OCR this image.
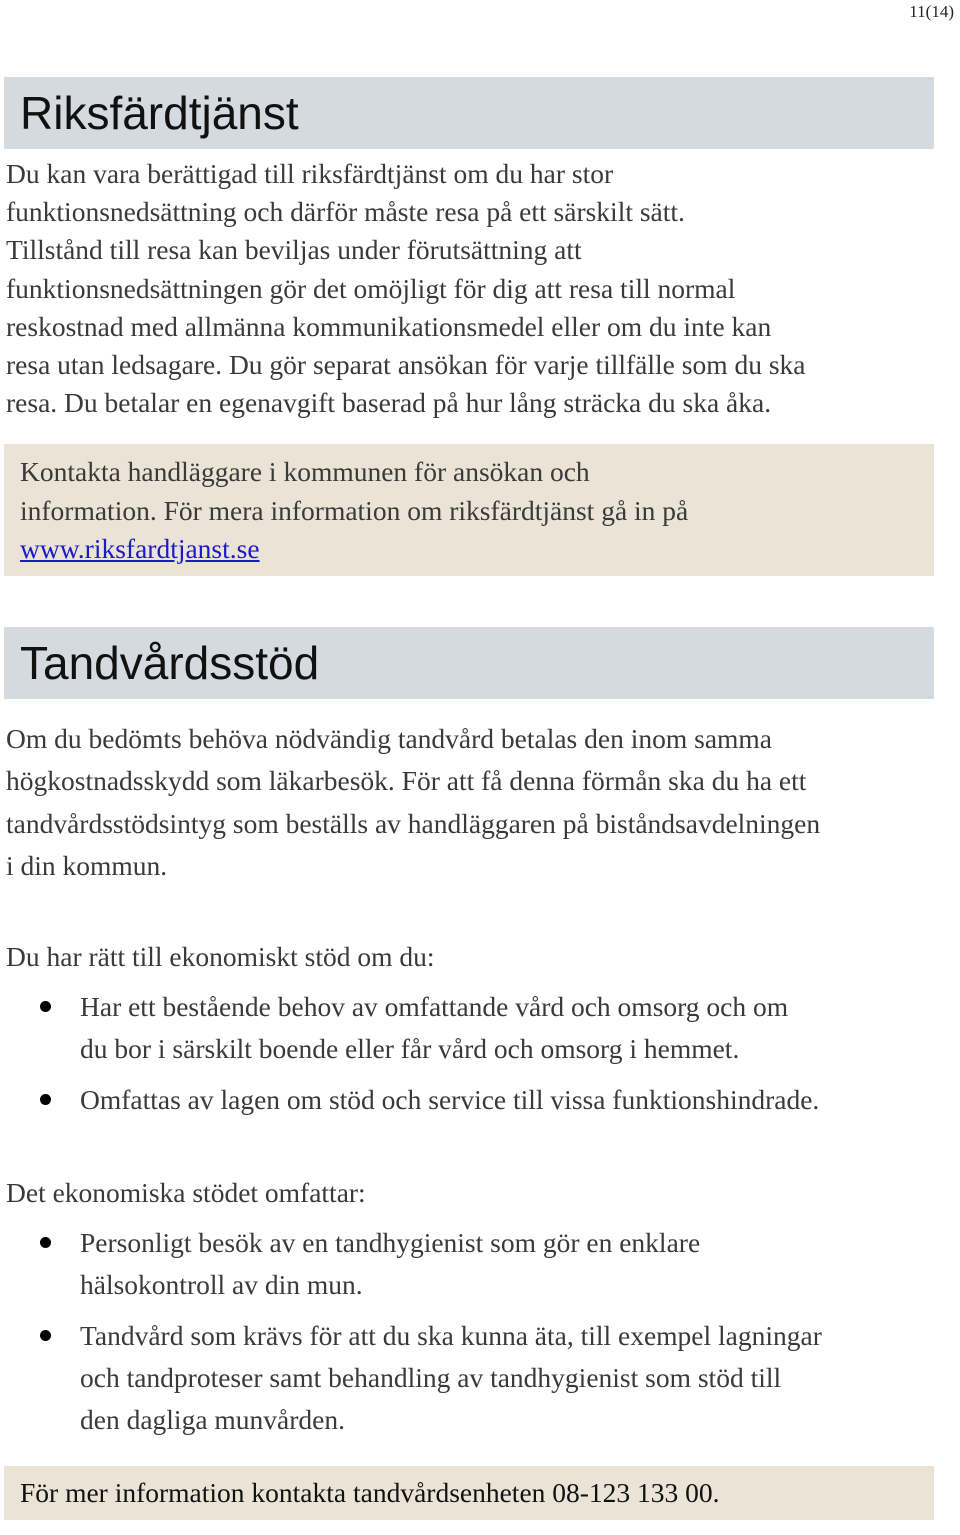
11(14)
Riksfärdtjänst

Du kan vara berättigad till riksfärdtjänst om du har stor
funktionsnedsättning och därför måste resa på ett särskilt sätt.
Tillstånd till resa kan beviljas under förutsättning att
funktionsnedsättningen gör det omöjligt för dig att resa till normal
reskostnad med allmänna kommunikationsmedel eller om du inte kan
resa utan ledsagare. Du gör separat ansökan för varje tillfälle som du ska
resa. Du betalar en egenavgift baserad på hur lång sträcka du ska åka.

Kontakta handläggare i kommunen för ansökan och
information. För mera information om riksfärdtjänst gå in på
www.riksfardtjanst.se

Tandvårdsstöd

Om du bedömts behöva nödvändig tandvård betalas den inom samma
högkostnadsskydd som läkarbesök. För att få denna förmån ska du ha ett
tandvårdsstödsintyg som beställs av handläggaren på biståndsavdelningen
i din kommun.

Du har rätt till ekonomiskt stöd om du:

Har ett bestående behov av omfattande vård och omsorg och om
du bor i särskilt boende eller får vård och omsorg i hemmet.
Omfattas av lagen om stöd och service till vissa funktionshindrade.

Det ekonomiska stödet omfattar:

Personligt besök av en tandhygienist som gör en enklare
hälsokontroll av din mun.
Tandvård som krävs för att du ska kunna äta, till exempel lagningar
och tandproteser samt behandling av tandhygienist som stöd till
den dagliga munvården.

För mer information kontakta tandvårdsenheten 08-123 133 00.
